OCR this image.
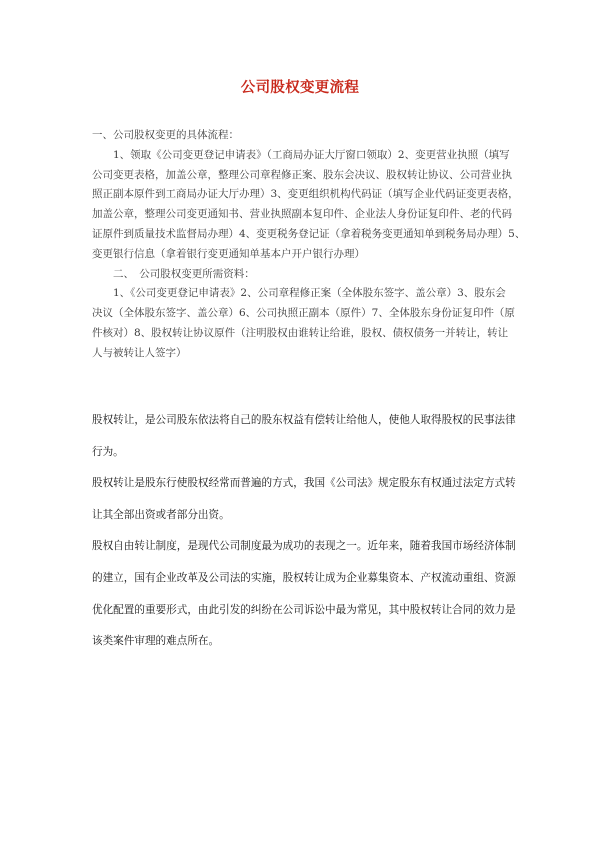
公司股权变更流程
一、公司股权变更的具体流程：
1、领取《公司变更登记申请表》（工商局办证大厅窗口领取）2、变更营业执照（填写
公司变更表格，加盖公章，整理公司章程修正案、股东会决议、股权转让协议、公司营业执
照正副本原件到工商局办证大厅办理）3、变更组织机构代码证（填写企业代码证变更表格，
加盖公章，整理公司变更通知书、营业执照副本复印件、企业法人身份证复印件、老的代码
证原件到质量技术监督局办理）4、变更税务登记证（拿着税务变更通知单到税务局办理）5、
变更银行信息（拿着银行变更通知单基本户开户银行办理）
二、　公司股权变更所需资料：
1、《公司变更登记申请表》2、公司章程修正案（全体股东签字、盖公章）3、股东会
决议（全体股东签字、盖公章）6、公司执照正副本（原件）7、全体股东身份证复印件（原
件核对）8、股权转让协议原件（注明股权由谁转让给谁，股权、债权债务一并转让，转让
人与被转让人签字）
股权转让，是公司股东依法将自己的股东权益有偿转让给他人，使他人取得股权的民事法律
行为。
股权转让是股东行使股权经常而普遍的方式，我国《公司法》规定股东有权通过法定方式转
让其全部出资或者部分出资。
股权自由转让制度，是现代公司制度最为成功的表现之一。近年来，随着我国市场经济体制
的建立，国有企业改革及公司法的实施，股权转让成为企业募集资本、产权流动重组、资源
优化配置的重要形式，由此引发的纠纷在公司诉讼中最为常见，其中股权转让合同的效力是
该类案件审理的难点所在。
